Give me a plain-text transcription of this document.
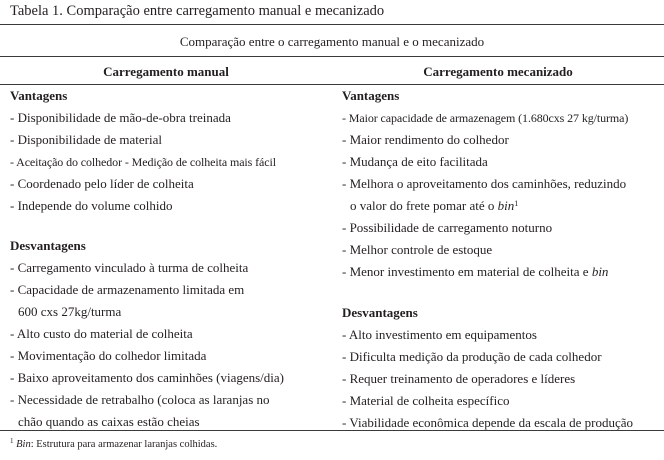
Tabela 1. Comparação entre carregamento manual e mecanizado
Comparação entre o carregamento manual e o mecanizado
Carregamento manual	Carregamento mecanizado
Vantagens
- Disponibilidade de mão-de-obra treinada
- Disponibilidade de material
- Aceitação do colhedor - Medição de colheita mais fácil
- Coordenado pelo líder de colheita
- Independe do volume colhido
Desvantagens
- Carregamento vinculado à turma de colheita
- Capacidade de armazenamento limitada em
600 cxs 27kg/turma
- Alto custo do material de colheita
- Movimentação do colhedor limitada
- Baixo aproveitamento dos caminhões (viagens/dia)
- Necessidade de retrabalho (coloca as laranjas no
chão quando as caixas estão cheias
Vantagens
- Maior capacidade de armazenagem (1.680cxs 27 kg/turma)
- Maior rendimento do colhedor
- Mudança de eito facilitada
- Melhora o aproveitamento dos caminhões, reduzindo
o valor do frete pomar até o bin$^1$
- Possibilidade de carregamento noturno
- Melhor controle de estoque
- Menor investimento em material de colheita e bin
Desvantagens
- Alto investimento em equipamentos
- Dificulta medição da produção de cada colhedor
- Requer treinamento de operadores e líderes
- Material de colheita específico
- Viabilidade econômica depende da escala de produção
$^1$ Bin: Estrutura para armazenar laranjas colhidas.
